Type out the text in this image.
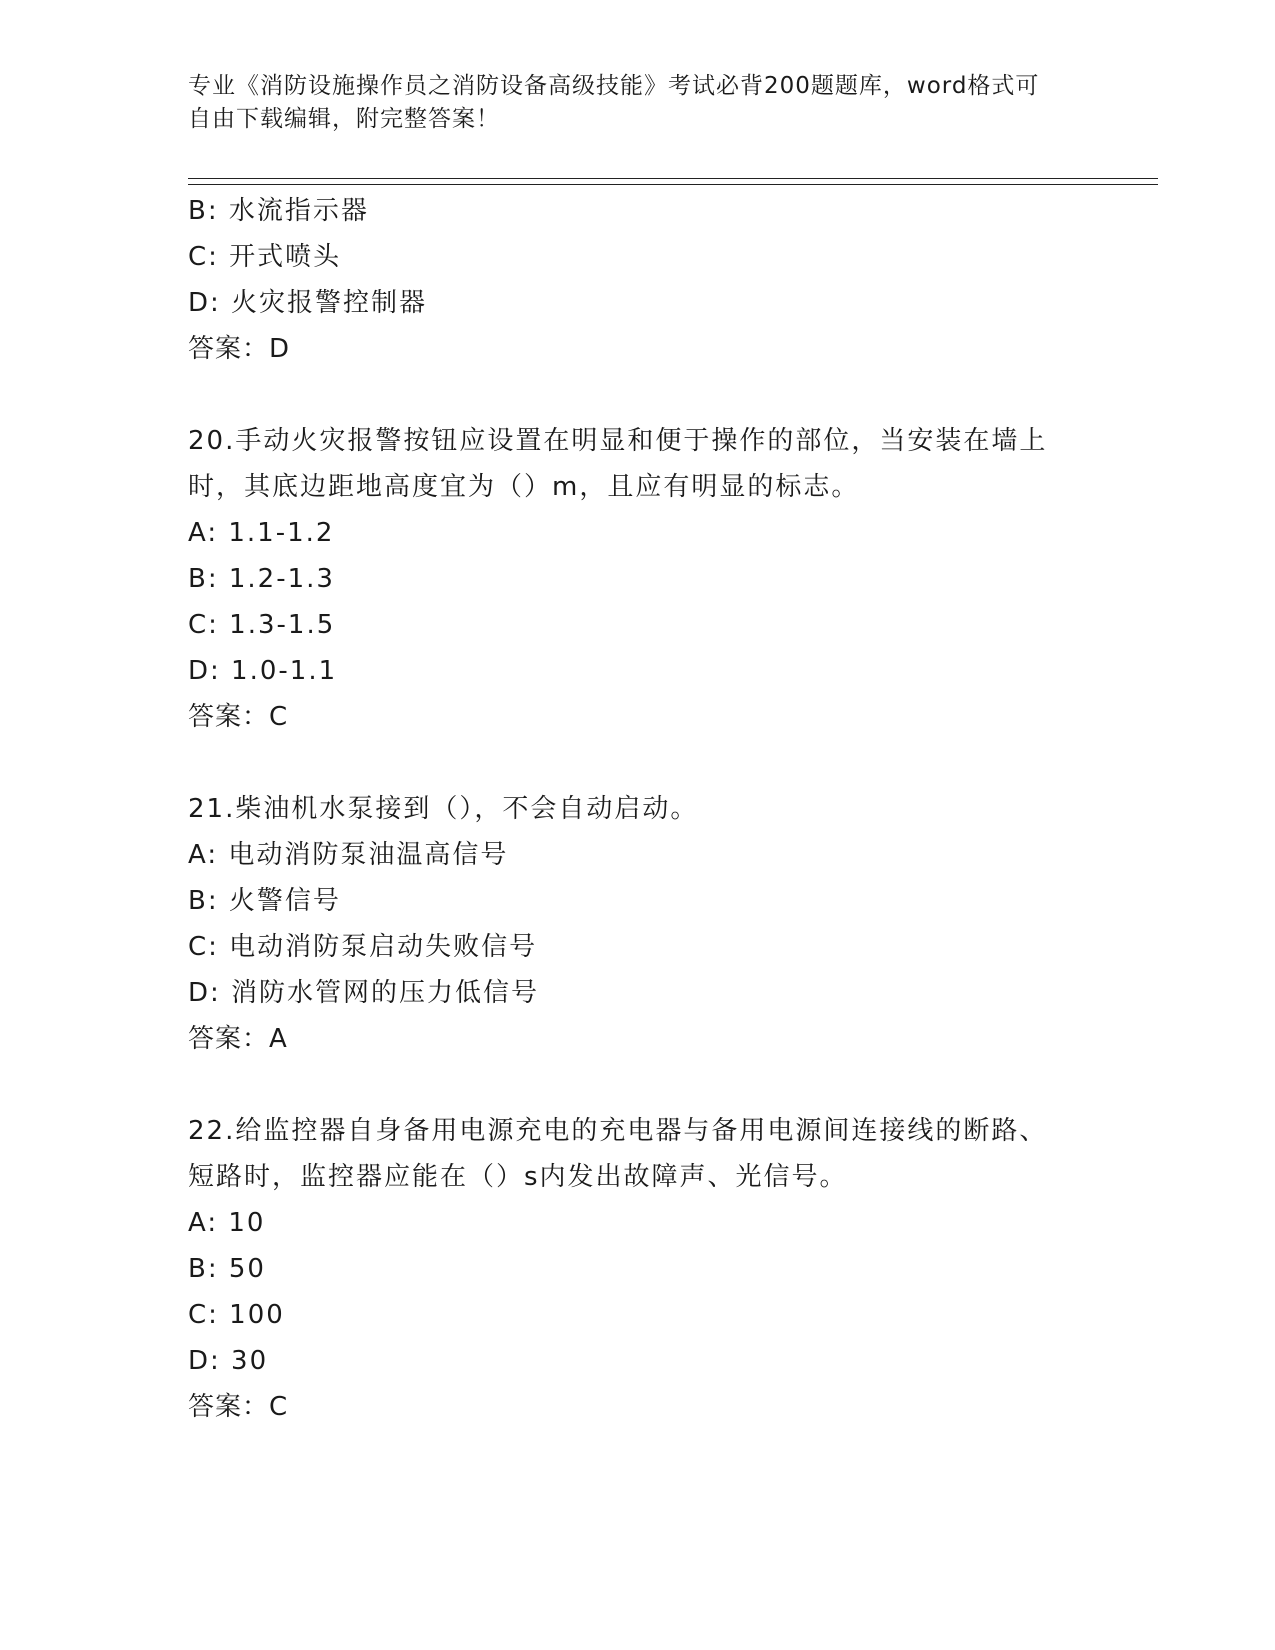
专业《消防设施操作员之消防设备高级技能》考试必背200题题库，word格式可
自由下载编辑，附完整答案！
B: 水流指示器
C: 开式喷头
D: 火灾报警控制器
答案：D
20.手动火灾报警按钮应设置在明显和便于操作的部位，当安装在墙上
时，其底边距地高度宜为（）m，且应有明显的标志。
A: 1.1-1.2
B: 1.2-1.3
C: 1.3-1.5
D: 1.0-1.1
答案：C
21.柴油机水泵接到（），不会自动启动。
A: 电动消防泵油温高信号
B: 火警信号
C: 电动消防泵启动失败信号
D: 消防水管网的压力低信号
答案：A
22.给监控器自身备用电源充电的充电器与备用电源间连接线的断路、
短路时，监控器应能在（）s内发出故障声、光信号。
A: 10
B: 50
C: 100
D: 30
答案：C
